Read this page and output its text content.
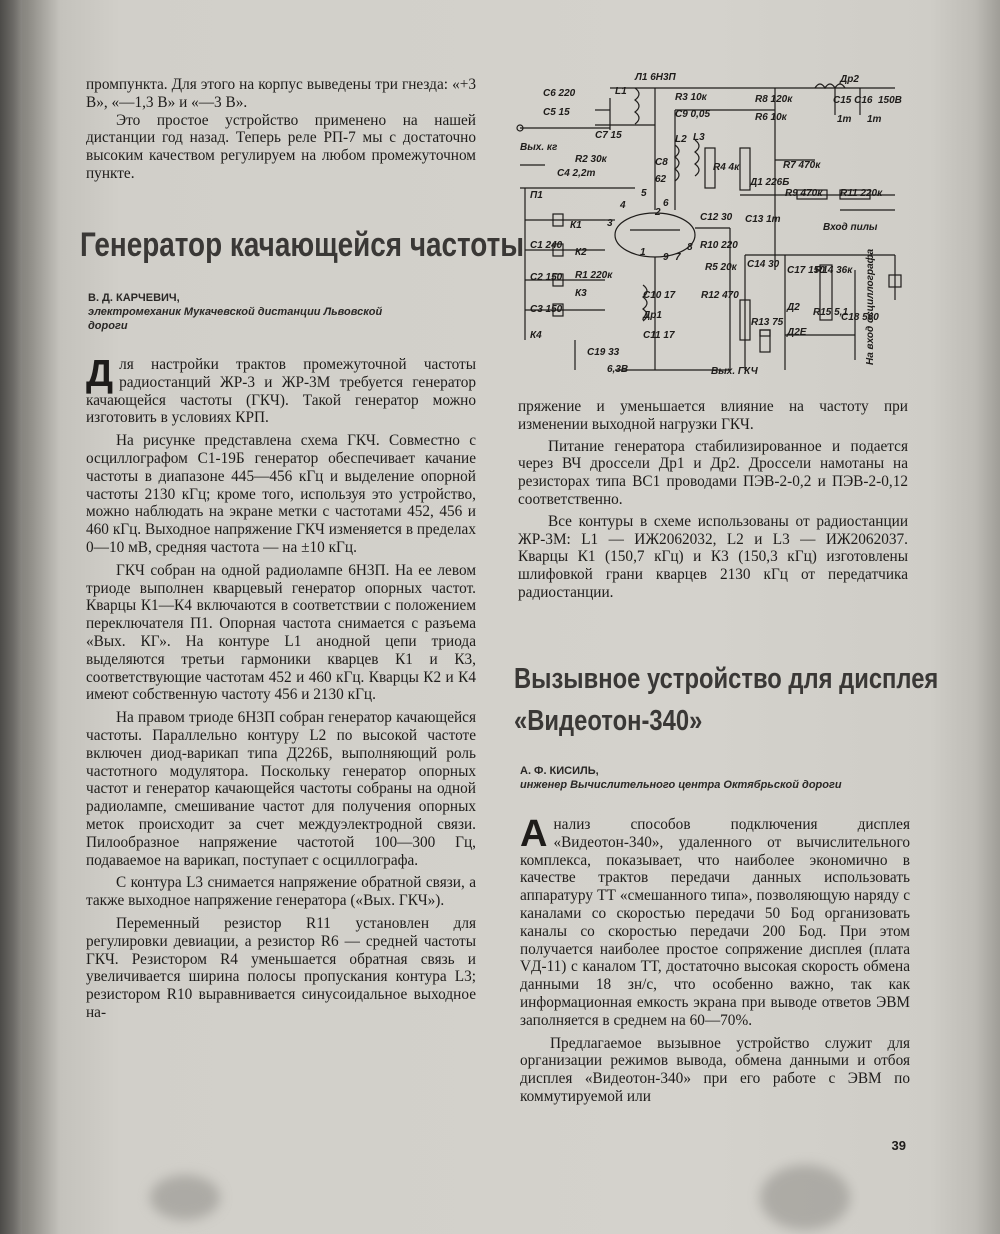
промпункта. Для этого на корпус выведены три гнезда: «+3 В», «—1,3 В» и «—3 В».

Это простое устройство применено на нашей дистанции год назад. Теперь реле РП-7 мы с достаточно высоким качеством регулируем на любом промежуточном пункте.

Генератор качающейся частоты
В. Д. КАРЧЕВИЧ,
электромеханик Мукачевской дистанции Львовской дороги
Д ля настройки трактов промежуточной частоты радиостанций ЖР-3 и ЖР-3М требуется генератор качающейся частоты (ГКЧ). Такой генератор можно изготовить в условиях КРП.

На рисунке представлена схема ГКЧ. Совместно с осциллографом С1-19Б генератор обеспечивает качание частоты в диапазоне 445—456 кГц и выделение опорной частоты 2130 кГц; кроме того, используя это устройство, можно наблюдать на экране метки с частотами 452, 456 и 460 кГц. Выходное напряжение ГКЧ изменяется в пределах 0—10 мВ, средняя частота — на ±10 кГц.

ГКЧ собран на одной радиолампе 6Н3П. На ее левом триоде выполнен кварцевый генератор опорных частот. Кварцы К1—К4 включаются в соответствии с положением переключателя П1. Опорная частота снимается с разъема «Вых. КГ». На контуре L1 анодной цепи триода выделяются третьи гармоники кварцев К1 и К3, соответствующие частотам 452 и 460 кГц. Кварцы К2 и К4 имеют собственную частоту 456 и 2130 кГц.

На правом триоде 6Н3П собран генератор качающейся частоты. Параллельно контуру L2 по высокой частоте включен диод-варикап типа Д226Б, выполняющий роль частотного модулятора. Поскольку генератор опорных частот и генератор качающейся частоты собраны на одной радиолампе, смешивание частот для получения опорных меток происходит за счет междуэлектродной связи. Пилообразное напряжение частотой 100—300 Гц, подаваемое на варикап, поступает с осциллографа.

С контура L3 снимается напряжение обратной связи, а также выходное напряжение генератора («Вых. ГКЧ»).

Переменный резистор R11 установлен для регулировки девиации, а резистор R6 — средней частоты ГКЧ. Резистором R4 уменьшается обратная связь и увеличивается ширина полосы пропускания контура L3; резистором R10 выравнивается синусоидальное выходное на-

Л1 6Н3П
С6 220
С5 15
L1
С7 15
R3 10к
С9 0,05
R8 120к
R6 10к
Др2
С15 С16 150В
1т 1т
Вых. кг
R2 30к
С4 2,2т
С8
62
L2 L3
R4 4к
Д1 226Б
R7 470к
R9 470к R11 220к
Вход пилы
П1
К1
С1 240
К2
R1 220к
С2 150
К3
С3 150
К4
С12 30 С13 1т
R10 220
С14 30
С17 150
R14 36к
R5 20к
R12 470
Д2
Д2Е
R15 5,1
С18 560
С10 17
Др1
С11 17
С19 33
6,3В
R13 75
Вых. ГКЧ
На вход осциллографа
1
2
3
4
5
6
7
8
9

пряжение и уменьшается влияние на частоту при изменении выходной нагрузки ГКЧ.

Питание генератора стабилизированное и подается через ВЧ дроссели Др1 и Др2. Дроссели намотаны на резисторах типа ВС1 проводами ПЭВ-2-0,2 и ПЭВ-2-0,12 соответственно.

Все контуры в схеме использованы от радиостанции ЖР-3М: L1 — ИЖ2062032, L2 и L3 — ИЖ2062037. Кварцы К1 (150,7 кГц) и К3 (150,3 кГц) изготовлены шлифовкой грани кварцев 2130 кГц от передатчика радиостанции.

Вызывное устройство для дисплея
«Видеотон-340»
А. Ф. КИСИЛЬ,
инженер Вычислительного центра Октябрьской дороги
А нализ способов подключения дисплея «Видеотон-340», удаленного от вычислительного комплекса, показывает, что наиболее экономично в качестве трактов передачи данных использовать аппаратуру ТТ «смешанного типа», позволяющую наряду с каналами со скоростью передачи 50 Бод организовать каналы со скоростью передачи 200 Бод. При этом получается наиболее простое сопряжение дисплея (плата VД-11) с каналом ТТ, достаточно высокая скорость обмена данными 18 зн/с, что особенно важно, так как информационная емкость экрана при выводе ответов ЭВМ заполняется в среднем на 60—70%.

Предлагаемое вызывное устройство служит для организации режимов вывода, обмена данными и отбоя дисплея «Видеотон-340» при его работе с ЭВМ по коммутируемой или

39
